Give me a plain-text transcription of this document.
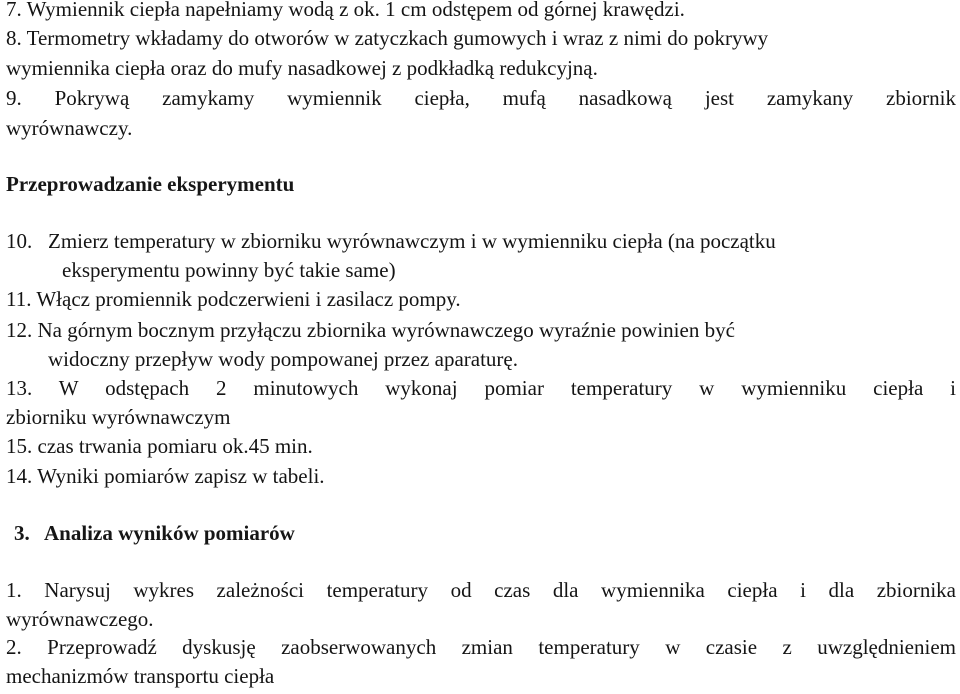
7. Wymiennik ciepła napełniamy wodą z ok. 1 cm odstępem od górnej krawędzi.
8. Termometry wkładamy do otworów w zatyczkach gumowych i wraz z nimi do pokrywy
wymiennika ciepła oraz do mufy nasadkowej z podkładką redukcyjną.
9. Pokrywą zamykamy wymiennik ciepła, mufą nasadkową jest zamykany zbiornik
wyrównawczy.
Przeprowadzanie eksperymentu
10. Zmierz temperatury w zbiorniku wyrównawczym i w wymienniku ciepła (na początku
eksperymentu powinny być takie same)
11. Włącz promiennik podczerwieni i zasilacz pompy.
12. Na górnym bocznym przyłączu zbiornika wyrównawczego wyraźnie powinien być
widoczny przepływ wody pompowanej przez aparaturę.
13. W odstępach 2 minutowych wykonaj pomiar temperatury w wymienniku ciepła i
zbiorniku wyrównawczym
15. czas trwania pomiaru ok.45 min.
14. Wyniki pomiarów zapisz w tabeli.
3. Analiza wyników pomiarów
1. Narysuj wykres zależności temperatury od czas dla wymiennika ciepła i dla zbiornika
wyrównawczego.
2. Przeprowadź dyskusję zaobserwowanych zmian temperatury w czasie z uwzględnieniem
mechanizmów transportu ciepła
